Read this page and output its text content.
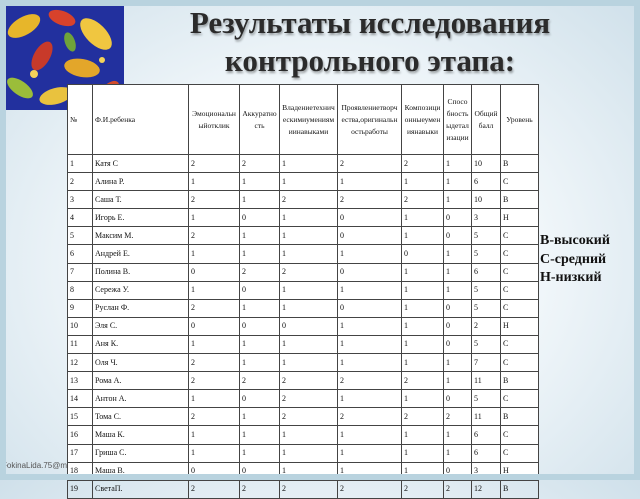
Результаты исследования
контрольного этапа:
№	Ф.И.ребенка	Эмоциональныйотклик	Аккуратность	Владениетехническимиумениямиинавыками	Проявлениетворчества,оригинальностьработы	Композиционныеумениянавыки	Способностьыдетализации	Общийбалл	Уровень
1	Катя С	2	2	1	2	2	1	10	В
2	Алина Р.	1	1	1	1	1	1	6	С
3	Саша Т.	2	1	2	2	2	1	10	В
4	Игорь Е.	1	0	1	0	1	0	3	Н
5	Максим М.	2	1	1	0	1	0	5	С
6	Андрей Е.	1	1	1	1	0	1	5	С
7	Полина В.	0	2	2	0	1	1	6	С
8	Сережа У.	1	0	1	1	1	1	5	С
9	Руслан Ф.	2	1	1	0	1	0	5	С
10	Эля С.	0	0	0	1	1	0	2	Н
11	Аня К.	1	1	1	1	1	0	5	С
12	Оля Ч.	2	1	1	1	1	1	7	С
13	Рома А.	2	2	2	2	2	1	11	В
14	Антон А.	1	0	2	1	1	0	5	С
15	Тома С.	2	1	2	2	2	2	11	В
16	Маша К.	1	1	1	1	1	1	6	С
17	Гриша С.	1	1	1	1	1	1	6	С
18	Маша В.	0	0	1	1	1	0	3	Н
19	СветаП.	2	2	2	2	2	2	12	В
В-высокий
С-средний
Н-низкий
FokinaLida.75@m
